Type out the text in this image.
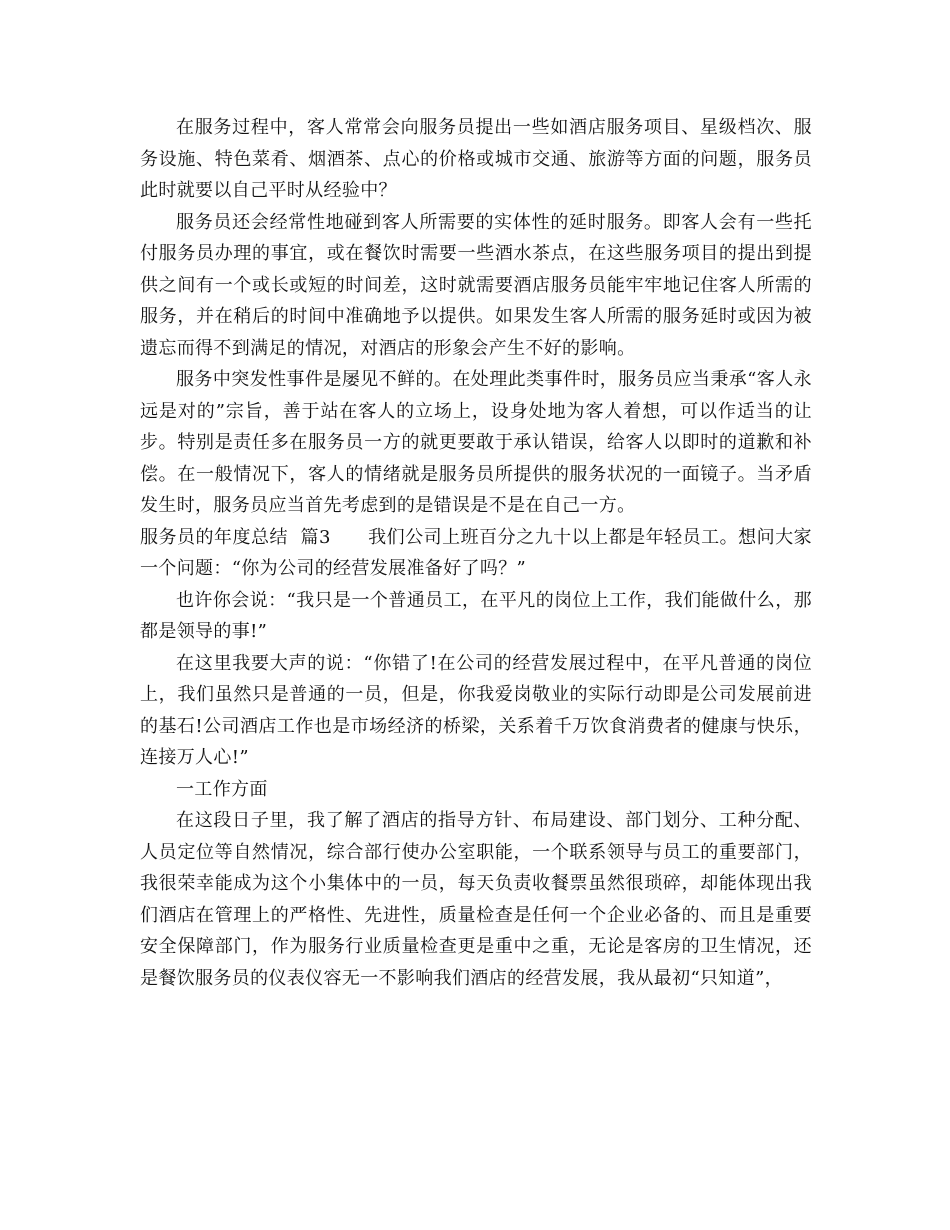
在服务过程中，客人常常会向服务员提出一些如酒店服务项目、星级档次、服务设施、特色菜肴、烟酒茶、点心的价格或城市交通、旅游等方面的问题，服务员此时就要以自己平时从经验中？

服务员还会经常性地碰到客人所需要的实体性的延时服务。即客人会有一些托付服务员办理的事宜，或在餐饮时需要一些酒水茶点，在这些服务项目的提出到提供之间有一个或长或短的时间差，这时就需要酒店服务员能牢牢地记住客人所需的服务，并在稍后的时间中准确地予以提供。如果发生客人所需的服务延时或因为被遗忘而得不到满足的情况，对酒店的形象会产生不好的影响。

服务中突发性事件是屡见不鲜的。在处理此类事件时，服务员应当秉承“客人永远是对的”宗旨，善于站在客人的立场上，设身处地为客人着想，可以作适当的让步。特别是责任多在服务员一方的就更要敢于承认错误，给客人以即时的道歉和补偿。在一般情况下，客人的情绪就是服务员所提供的服务状况的一面镜子。当矛盾发生时，服务员应当首先考虑到的是错误是不是在自己一方。

服务员的年度总结  篇3 我们公司上班百分之九十以上都是年轻员工。想问大家一个问题：“你为公司的经营发展准备好了吗？”

也许你会说：“我只是一个普通员工，在平凡的岗位上工作，我们能做什么，那都是领导的事!”

在这里我要大声的说：“你错了!在公司的经营发展过程中，在平凡普通的岗位上，我们虽然只是普通的一员，但是，你我爱岗敬业的实际行动即是公司发展前进的基石!公司酒店工作也是市场经济的桥梁，关系着千万饮食消费者的健康与快乐，连接万人心!”

一工作方面

在这段日子里，我了解了酒店的指导方针、布局建设、部门划分、工种分配、人员定位等自然情况，综合部行使办公室职能，一个联系领导与员工的重要部门，我很荣幸能成为这个小集体中的一员，每天负责收餐票虽然很琐碎，却能体现出我们酒店在管理上的严格性、先进性，质量检查是任何一个企业必备的、而且是重要安全保障部门，作为服务行业质量检查更是重中之重，无论是客房的卫生情况，还是餐饮服务员的仪表仪容无一不影响我们酒店的经营发展，我从最初“只知道”，
